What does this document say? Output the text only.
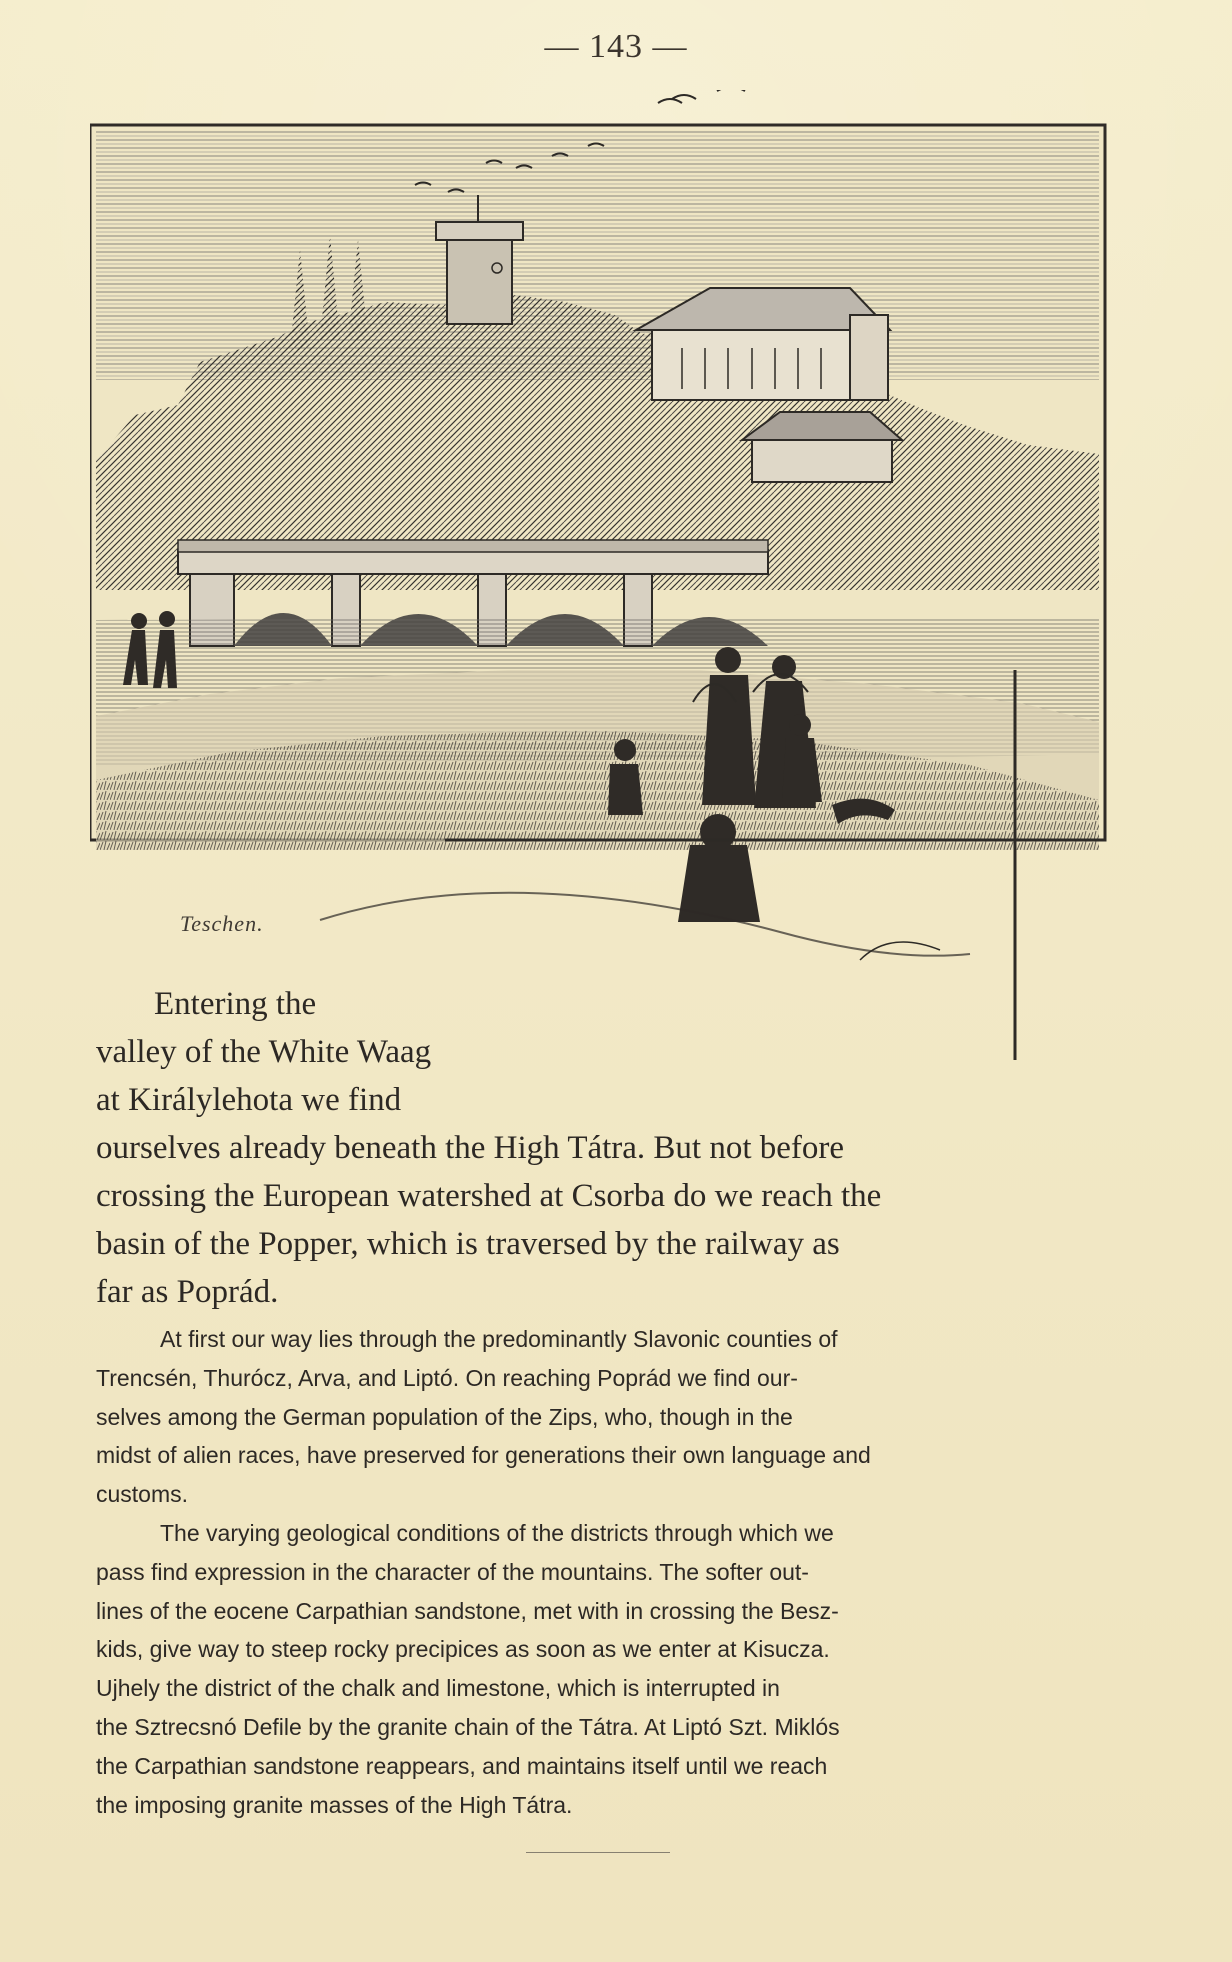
— 143 —
Teschen.
Entering the
valley of the White Waag
at Királylehota we find
ourselves already beneath the High Tátra. But not before
crossing the European watershed at Csorba do we reach the
basin of the Popper, which is traversed by the railway as
far as Poprád.
At first our way lies through the predominantly Slavonic counties of
Trencsén, Thurócz, Arva, and Liptó. On reaching Poprád we find our-
selves among the German population of the Zips, who, though in the
midst of alien races, have preserved for generations their own language and
customs.
The varying geological conditions of the districts through which we
pass find expression in the character of the mountains. The softer out-
lines of the eocene Carpathian sandstone, met with in crossing the Besz-
kids, give way to steep rocky precipices as soon as we enter at Kisucza.
Ujhely the district of the chalk and limestone, which is interrupted in
the Sztrecsnó Defile by the granite chain of the Tátra. At Liptó Szt. Miklós
the Carpathian sandstone reappears, and maintains itself until we reach
the imposing granite masses of the High Tátra.
